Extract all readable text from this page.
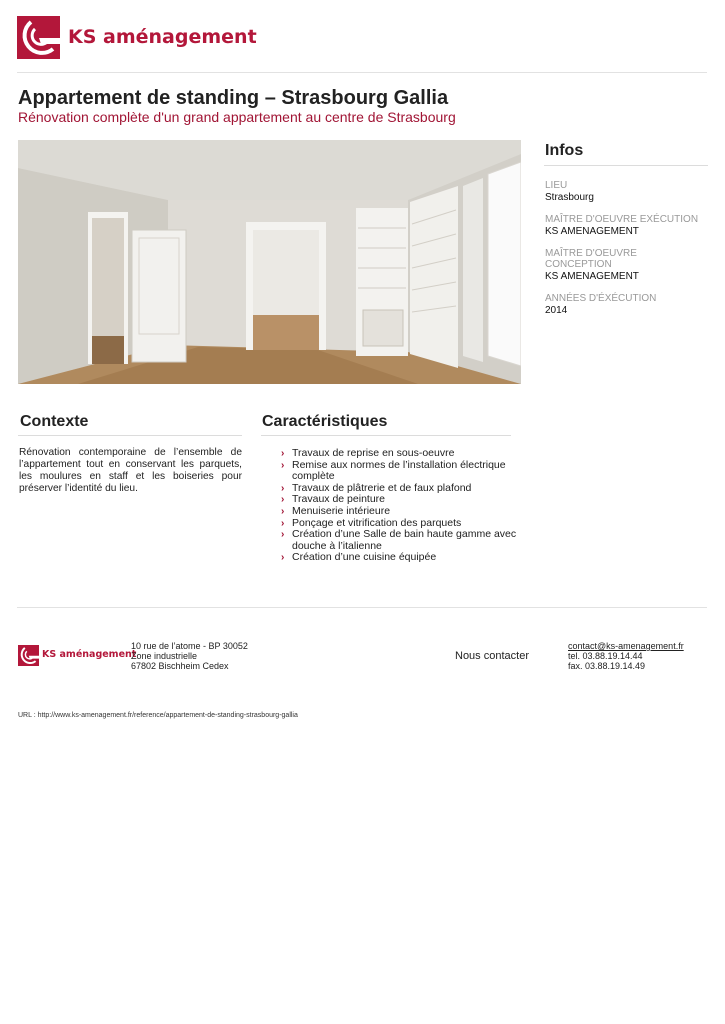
KS aménagement
Appartement de standing – Strasbourg Gallia
Rénovation complète d'un grand appartement au centre de Strasbourg
Infos
LIEU
Strasbourg
MAÎTRE D'OEUVRE EXÉCUTION
KS AMENAGEMENT
MAÎTRE D'OEUVRE CONCEPTION
KS AMENAGEMENT
ANNÉES D'ÉXÉCUTION
2014
Contexte
Rénovation contemporaine de l’ensemble de l’appartement tout en conservant les parquets, les moulures en staff et les boiseries pour préserver l’identité du lieu.
Caractéristiques
› Travaux de reprise en sous-oeuvre
› Remise aux normes de l’installation électrique complète
› Travaux de plâtrerie et de faux plafond
› Travaux de peinture
› Menuiserie intérieure
› Ponçage et vitrification des parquets
› Création d’une Salle de bain haute gamme avec douche à l’italienne
› Création d’une cuisine équipée
KS aménagement
10 rue de l’atome - BP 30052
Zone industrielle
67802 Bischheim Cedex
Nous contacter
contact@ks-amenagement.fr
tel. 03.88.19.14.44
fax. 03.88.19.14.49
URL : http://www.ks-amenagement.fr/reference/appartement-de-standing-strasbourg-gallia
